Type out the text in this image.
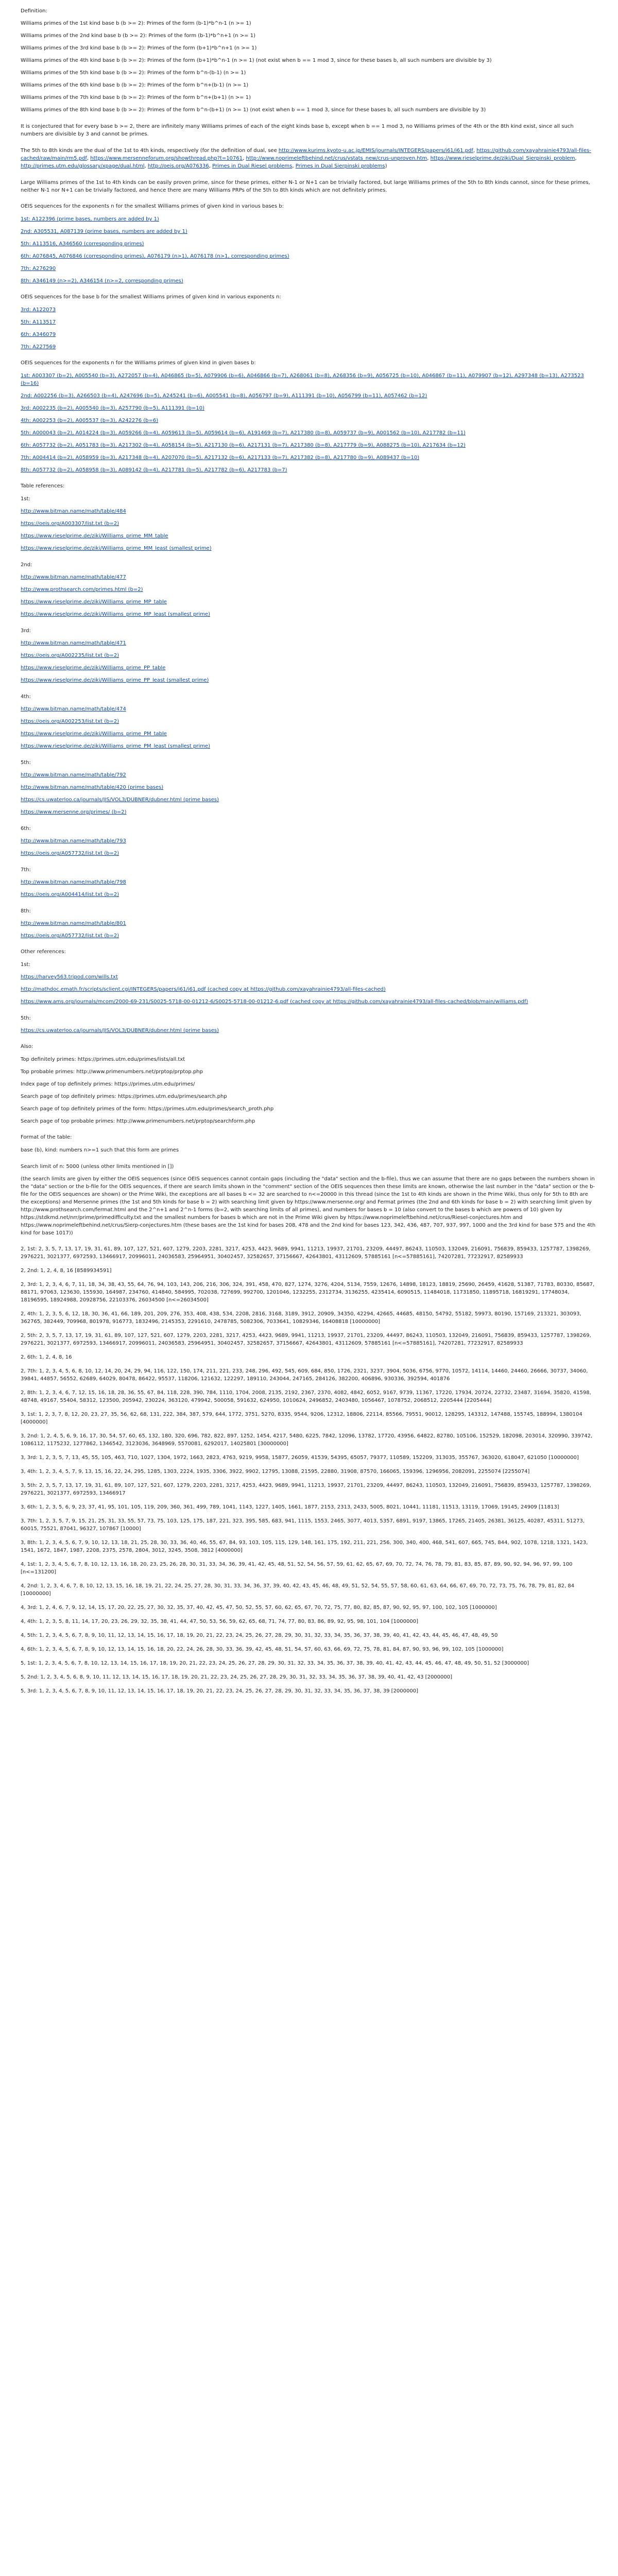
Definition:

Williams primes of the 1st kind base b (b >= 2): Primes of the form (b-1)*b^n-1 (n >= 1)

Williams primes of the 2nd kind base b (b >= 2): Primes of the form (b-1)*b^n+1 (n >= 1)

Williams primes of the 3rd kind base b (b >= 2): Primes of the form (b+1)*b^n+1 (n >= 1)

Williams primes of the 4th kind base b (b >= 2): Primes of the form (b+1)*b^n-1 (n >= 1) (not exist when b == 1 mod 3, since for these bases b, all such numbers are divisible by 3)

Williams primes of the 5th kind base b (b >= 2): Primes of the form b^n-(b-1) (n >= 1)

Williams primes of the 6th kind base b (b >= 2): Primes of the form b^n+(b-1) (n >= 1)

Williams primes of the 7th kind base b (b >= 2): Primes of the form b^n+(b+1) (n >= 1)

Williams primes of the 8th kind base b (b >= 2): Primes of the form b^n-(b+1) (n >= 1) (not exist when b == 1 mod 3, since for these bases b, all such numbers are divisible by 3)

It is conjectured that for every base b >= 2, there are infinitely many Williams primes of each of the eight kinds base b, except when b == 1 mod 3, no Williams primes of the 4th or the 8th kind exist, since all such numbers are divisible by 3 and cannot be primes.

The 5th to 8th kinds are the dual of the 1st to 4th kinds, respectively (for the definition of dual, see http://www.kurims.kyoto-u.ac.jp/EMIS/journals/INTEGERS/papers/i61/i61.pdf, https://github.com/xayahrainie4793/all-files-cached/raw/main/rm5.pdf, https://www.mersenneforum.org/showthread.php?t=10761, http://www.noprimeleftbehind.net/crus/vstats_new/crus-unproven.htm, https://www.rieselprime.de/ziki/Dual_Sierpinski_problem, http://primes.utm.edu/glossary/xpage/dual.html, http://oeis.org/A076336, Primes in Dual Riesel problems, Primes in Dual Sierpinski problems)

Large Williams primes of the 1st to 4th kinds can be easily proven prime, since for these primes, either N-1 or N+1 can be trivially factored, but large Williams primes of the 5th to 8th kinds cannot, since for these primes, neither N-1 nor N+1 can be trivially factored, and hence there are many Williams PRPs of the 5th to 8th kinds which are not definitely primes.

OEIS sequences for the exponents n for the smallest Williams primes of given kind in various bases b:

1st: A122396 (prime bases, numbers are added by 1)

2nd: A305531, A087139 (prime bases, numbers are added by 1)

5th: A113516, A346560 (corresponding primes)

6th: A076845, A076846 (corresponding primes), A076179 (n>1), A076178 (n>1, corresponding primes)

7th: A276290

8th: A346149 (n>=2), A346154 (n>=2, corresponding primes)

OEIS sequences for the base b for the smallest Williams primes of given kind in various exponents n:

3rd: A122073

5th: A113517

6th: A346079

7th: A227569

OEIS sequences for the exponents n for the Williams primes of given kind in given bases b:

1st: A003307 (b=2), A005540 (b=3), A272057 (b=4), A046865 (b=5), A079906 (b=6), A046866 (b=7), A268061 (b=8), A268356 (b=9), A056725 (b=10), A046867 (b=11), A079907 (b=12), A297348 (b=13), A273523 (b=16)

2nd: A002256 (b=3), A266503 (b=4), A247696 (b=5), A245241 (b=6), A005541 (b=8), A056797 (b=9), A111391 (b=10), A056799 (b=11), A057462 (b=12)

3rd: A002235 (b=2), A005540 (b=3), A257790 (b=5), A111391 (b=10)

4th: A002253 (b=2), A005537 (b=3), A242276 (b=6)

5th: A000043 (b=2), A014224 (b=3), A059266 (b=4), A059613 (b=5), A059614 (b=6), A191469 (b=7), A217380 (b=8), A059737 (b=9), A001562 (b=10), A217782 (b=11)

6th: A057732 (b=2), A051783 (b=3), A217302 (b=4), A058154 (b=5), A217130 (b=6), A217131 (b=7), A217380 (b=8), A217779 (b=9), A088275 (b=10), A217634 (b=12)

7th: A004414 (b=2), A058959 (b=3), A217348 (b=4), A207070 (b=5), A217132 (b=6), A217133 (b=7), A217382 (b=8), A217780 (b=9), A089437 (b=10)

8th: A057732 (b=2), A058958 (b=3), A089142 (b=4), A217781 (b=5), A217782 (b=6), A217783 (b=7)

Table references:

1st:

http://www.bitman.name/math/table/484

https://oeis.org/A003307/list.txt (b=2)

https://www.rieselprime.de/ziki/Williams_prime_MM_table

https://www.rieselprime.de/ziki/Williams_prime_MM_least (smallest prime)

2nd:

http://www.bitman.name/math/table/477

http://www.prothsearch.com/primes.html (b=2)

https://www.rieselprime.de/ziki/Williams_prime_MP_table

https://www.rieselprime.de/ziki/Williams_prime_MP_least (smallest prime)

3rd:

http://www.bitman.name/math/table/471

https://oeis.org/A002235/list.txt (b=2)

https://www.rieselprime.de/ziki/Williams_prime_PP_table

https://www.rieselprime.de/ziki/Williams_prime_PP_least (smallest prime)

4th:

http://www.bitman.name/math/table/474

https://oeis.org/A002253/list.txt (b=2)

https://www.rieselprime.de/ziki/Williams_prime_PM_table

https://www.rieselprime.de/ziki/Williams_prime_PM_least (smallest prime)

5th:

http://www.bitman.name/math/table/792

http://www.bitman.name/math/table/420 (prime bases)

https://cs.uwaterloo.ca/journals/JIS/VOL3/DUBNER/dubner.html (prime bases)

https://www.mersenne.org/primes/ (b=2)

6th:

http://www.bitman.name/math/table/793

https://oeis.org/A057732/list.txt (b=2)

7th:

http://www.bitman.name/math/table/798

https://oeis.org/A004414/list.txt (b=2)

8th:

http://www.bitman.name/math/table/801

https://oeis.org/A057732/list.txt (b=2)

Other references:

1st:

https://harvey563.tripod.com/wills.txt

http://mathdoc.emath.fr/scripts/sclient.cgi/INTEGERS/papers/i61/i61.pdf (cached copy at https://github.com/xayahrainie4793/all-files-cached)

https://www.ams.org/journals/mcom/2000-69-231/S0025-5718-00-01212-6/S0025-5718-00-01212-6.pdf (cached copy at https://github.com/xayahrainie4793/all-files-cached/blob/main/williams.pdf)

5th:

https://cs.uwaterloo.ca/journals/JIS/VOL3/DUBNER/dubner.html (prime bases)

Also:

Top definitely primes: https://primes.utm.edu/primes/lists/all.txt

Top probable primes: http://www.primenumbers.net/prptop/prptop.php

Index page of top definitely primes: https://primes.utm.edu/primes/

Search page of top definitely primes: https://primes.utm.edu/primes/search.php

Search page of top definitely primes of the form: https://primes.utm.edu/primes/search_proth.php

Search page of top probable primes: http://www.primenumbers.net/prptop/searchform.php

Format of the table:

base (b), kind: numbers n>=1 such that this form are primes

Search limit of n: 5000 (unless other limits mentioned in [])

(the search limits are given by either the OEIS sequences (since OEIS sequences cannot contain gaps (including the "data" section and the b-file), thus we can assume that there are no gaps between the numbers shown in the "data" section or the b-file for the OEIS sequences, if there are search limits shown in the "comment" section of the OEIS sequences then these limits are known, otherwise the last number in the "data" section or the b-file for the OEIS sequences are shown) or the Prime Wiki, the exceptions are all bases b <= 32 are searched to n<=20000 in this thread (since the 1st to 4th kinds are shown in the Prime Wiki, thus only for 5th to 8th are the exceptions) and Mersenne primes (the 1st and 5th kinds for base b = 2) with searching limit given by https://www.mersenne.org/ and Fermat primes (the 2nd and 6th kinds for base b = 2) with searching limit given by http://www.prothsearch.com/fermat.html and the 2^n+1 and 2^n-1 forms (b=2, with searching limits of all primes), and numbers for bases b = 10 (also convert to the bases b which are powers of 10) given by https://stdkmd.net/nrr/prime/primedifficulty.txt and the smallest numbers for bases b which are not in the Prime Wiki given by https://www.noprimeleftbehind.net/crus/Riesel-conjectures.htm and https://www.noprimeleftbehind.net/crus/Sierp-conjectures.htm (these bases are the 1st kind for bases 208, 478 and the 2nd kind for bases 123, 342, 436, 487, 707, 937, 997, 1000 and the 3rd kind for base 575 and the 4th kind for base 1017))

2, 1st: 2, 3, 5, 7, 13, 17, 19, 31, 61, 89, 107, 127, 521, 607, 1279, 2203, 2281, 3217, 4253, 4423, 9689, 9941, 11213, 19937, 21701, 23209, 44497, 86243, 110503, 132049, 216091, 756839, 859433, 1257787, 1398269, 2976221, 3021377, 6972593, 13466917, 20996011, 24036583, 25964951, 30402457, 32582657, 37156667, 42643801, 43112609, 57885161 [n<=57885161], 74207281, 77232917, 82589933

2, 2nd: 1, 2, 4, 8, 16 [8589934591]

2, 3rd: 1, 2, 3, 4, 6, 7, 11, 18, 34, 38, 43, 55, 64, 76, 94, 103, 143, 206, 216, 306, 324, 391, 458, 470, 827, 1274, 3276, 4204, 5134, 7559, 12676, 14898, 18123, 18819, 25690, 26459, 41628, 51387, 71783, 80330, 85687, 88171, 97063, 123630, 155930, 164987, 234760, 414840, 584995, 702038, 727699, 992700, 1201046, 1232255, 2312734, 3136255, 4235414, 6090515, 11484018, 11731850, 11895718, 16819291, 17748034, 18196595, 18924988, 20928756, 22103376, 26034500 [n<=26034500]

2, 4th: 1, 2, 3, 5, 6, 12, 18, 30, 36, 41, 66, 189, 201, 209, 276, 353, 408, 438, 534, 2208, 2816, 3168, 3189, 3912, 20909, 34350, 42294, 42665, 44685, 48150, 54792, 55182, 59973, 80190, 157169, 213321, 303093, 362765, 382449, 709968, 801978, 916773, 1832496, 2145353, 2291610, 2478785, 5082306, 7033641, 10829346, 16408818 [10000000]

2, 5th: 2, 3, 5, 7, 13, 17, 19, 31, 61, 89, 107, 127, 521, 607, 1279, 2203, 2281, 3217, 4253, 4423, 9689, 9941, 11213, 19937, 21701, 23209, 44497, 86243, 110503, 132049, 216091, 756839, 859433, 1257787, 1398269, 2976221, 3021377, 6972593, 13466917, 20996011, 24036583, 25964951, 30402457, 32582657, 37156667, 42643801, 43112609, 57885161 [n<=57885161], 74207281, 77232917, 82589933

2, 6th: 1, 2, 4, 8, 16

2, 7th: 1, 2, 3, 4, 5, 6, 8, 10, 12, 14, 20, 24, 29, 94, 116, 122, 150, 174, 211, 221, 233, 248, 296, 492, 545, 609, 684, 850, 1726, 2321, 3237, 3904, 5036, 6756, 9770, 10572, 14114, 14460, 24460, 26666, 30737, 34060, 39841, 44857, 56552, 62689, 64029, 80478, 86422, 95537, 118206, 121632, 122297, 189110, 243044, 247165, 284126, 382200, 406896, 930336, 392594, 401876

2, 8th: 1, 2, 3, 4, 6, 7, 12, 15, 16, 18, 28, 36, 55, 67, 84, 118, 228, 390, 784, 1110, 1704, 2008, 2135, 2192, 2367, 2370, 4082, 4842, 6052, 9167, 9739, 11367, 17220, 17934, 20724, 22732, 23487, 31694, 35820, 41598, 48748, 49167, 55404, 58312, 123500, 205942, 230224, 363120, 479942, 500058, 591632, 624950, 1010624, 2496852, 2403480, 1056467, 1078752, 2068512, 2205444 [2205444]

3, 1st: 1, 2, 3, 7, 8, 12, 20, 23, 27, 35, 56, 62, 68, 131, 222, 384, 387, 579, 644, 1772, 3751, 5270, 8335, 9544, 9206, 12312, 18806, 22114, 85566, 79551, 90012, 128295, 143312, 147488, 155745, 188994, 1380104 [4000000]

3, 2nd: 1, 2, 4, 5, 6, 9, 16, 17, 30, 54, 57, 60, 65, 132, 180, 320, 696, 782, 822, 897, 1252, 1454, 4217, 5480, 6225, 7842, 12096, 13782, 17720, 43956, 64822, 82780, 105106, 152529, 182098, 203014, 320990, 339742, 1086112, 1175232, 1277862, 1346542, 3123036, 3648969, 5570081, 6292017, 14025801 [30000000]

3, 3rd: 1, 2, 3, 5, 7, 13, 45, 55, 105, 463, 710, 1027, 1304, 1972, 1663, 2823, 4763, 9219, 9958, 15877, 26059, 41539, 54395, 65057, 79377, 110589, 152209, 313035, 355767, 363020, 618047, 621050 [10000000]

3, 4th: 1, 2, 3, 4, 5, 7, 9, 13, 15, 16, 22, 24, 295, 1285, 1303, 2224, 1935, 3306, 3922, 9902, 12795, 13088, 21595, 22880, 31908, 87570, 166065, 159396, 1296956, 2082091, 2255074 [2255074]

3, 5th: 2, 3, 5, 7, 13, 17, 19, 31, 61, 89, 107, 127, 521, 607, 1279, 2203, 2281, 3217, 4253, 4423, 9689, 9941, 11213, 19937, 21701, 23209, 44497, 86243, 110503, 132049, 216091, 756839, 859433, 1257787, 1398269, 2976221, 3021377, 6972593, 13466917

3, 6th: 1, 2, 3, 5, 6, 9, 23, 37, 41, 95, 101, 105, 119, 209, 360, 361, 499, 789, 1041, 1143, 1227, 1405, 1661, 1877, 2153, 2313, 2433, 5005, 8021, 10441, 11181, 11513, 13119, 17069, 19145, 24909 [11813]

3, 7th: 1, 2, 3, 5, 7, 9, 15, 21, 25, 31, 33, 55, 57, 73, 75, 103, 125, 175, 187, 221, 323, 395, 585, 683, 941, 1115, 1553, 2465, 3077, 4013, 5357, 6891, 9197, 13865, 17265, 21405, 26381, 36125, 40287, 45311, 51273, 60015, 75521, 87041, 96327, 107867 [10000]

3, 8th: 1, 2, 3, 4, 5, 6, 7, 9, 10, 12, 13, 18, 21, 25, 28, 30, 33, 36, 40, 46, 55, 67, 84, 93, 103, 105, 115, 129, 148, 161, 175, 192, 211, 221, 256, 300, 340, 400, 468, 541, 607, 665, 745, 844, 902, 1078, 1218, 1321, 1423, 1541, 1672, 1847, 1987, 2208, 2375, 2578, 2804, 3012, 3245, 3508, 3812 [4000000]

4, 1st: 1, 2, 3, 4, 5, 6, 7, 8, 10, 12, 13, 16, 18, 20, 23, 25, 26, 28, 30, 31, 33, 34, 36, 39, 41, 42, 45, 48, 51, 52, 54, 56, 57, 59, 61, 62, 65, 67, 69, 70, 72, 74, 76, 78, 79, 81, 83, 85, 87, 89, 90, 92, 94, 96, 97, 99, 100 [n<=131200]

4, 2nd: 1, 2, 3, 4, 6, 7, 8, 10, 12, 13, 15, 16, 18, 19, 21, 22, 24, 25, 27, 28, 30, 31, 33, 34, 36, 37, 39, 40, 42, 43, 45, 46, 48, 49, 51, 52, 54, 55, 57, 58, 60, 61, 63, 64, 66, 67, 69, 70, 72, 73, 75, 76, 78, 79, 81, 82, 84 [10000000]

4, 3rd: 1, 2, 4, 6, 7, 9, 12, 14, 15, 17, 20, 22, 25, 27, 30, 32, 35, 37, 40, 42, 45, 47, 50, 52, 55, 57, 60, 62, 65, 67, 70, 72, 75, 77, 80, 82, 85, 87, 90, 92, 95, 97, 100, 102, 105 [1000000]

4, 4th: 1, 2, 3, 5, 8, 11, 14, 17, 20, 23, 26, 29, 32, 35, 38, 41, 44, 47, 50, 53, 56, 59, 62, 65, 68, 71, 74, 77, 80, 83, 86, 89, 92, 95, 98, 101, 104 [1000000]

4, 5th: 1, 2, 3, 4, 5, 6, 7, 8, 9, 10, 11, 12, 13, 14, 15, 16, 17, 18, 19, 20, 21, 22, 23, 24, 25, 26, 27, 28, 29, 30, 31, 32, 33, 34, 35, 36, 37, 38, 39, 40, 41, 42, 43, 44, 45, 46, 47, 48, 49, 50

4, 6th: 1, 2, 3, 4, 5, 6, 7, 8, 9, 10, 12, 13, 14, 15, 16, 18, 20, 22, 24, 26, 28, 30, 33, 36, 39, 42, 45, 48, 51, 54, 57, 60, 63, 66, 69, 72, 75, 78, 81, 84, 87, 90, 93, 96, 99, 102, 105 [1000000]

5, 1st: 1, 2, 3, 4, 5, 6, 7, 8, 10, 12, 13, 14, 15, 16, 17, 18, 19, 20, 21, 22, 23, 24, 25, 26, 27, 28, 29, 30, 31, 32, 33, 34, 35, 36, 37, 38, 39, 40, 41, 42, 43, 44, 45, 46, 47, 48, 49, 50, 51, 52 [3000000]

5, 2nd: 1, 2, 3, 4, 5, 6, 8, 9, 10, 11, 12, 13, 14, 15, 16, 17, 18, 19, 20, 21, 22, 23, 24, 25, 26, 27, 28, 29, 30, 31, 32, 33, 34, 35, 36, 37, 38, 39, 40, 41, 42, 43 [2000000]

5, 3rd: 1, 2, 3, 4, 5, 6, 7, 8, 9, 10, 11, 12, 13, 14, 15, 16, 17, 18, 19, 20, 21, 22, 23, 24, 25, 26, 27, 28, 29, 30, 31, 32, 33, 34, 35, 36, 37, 38, 39 [2000000]
